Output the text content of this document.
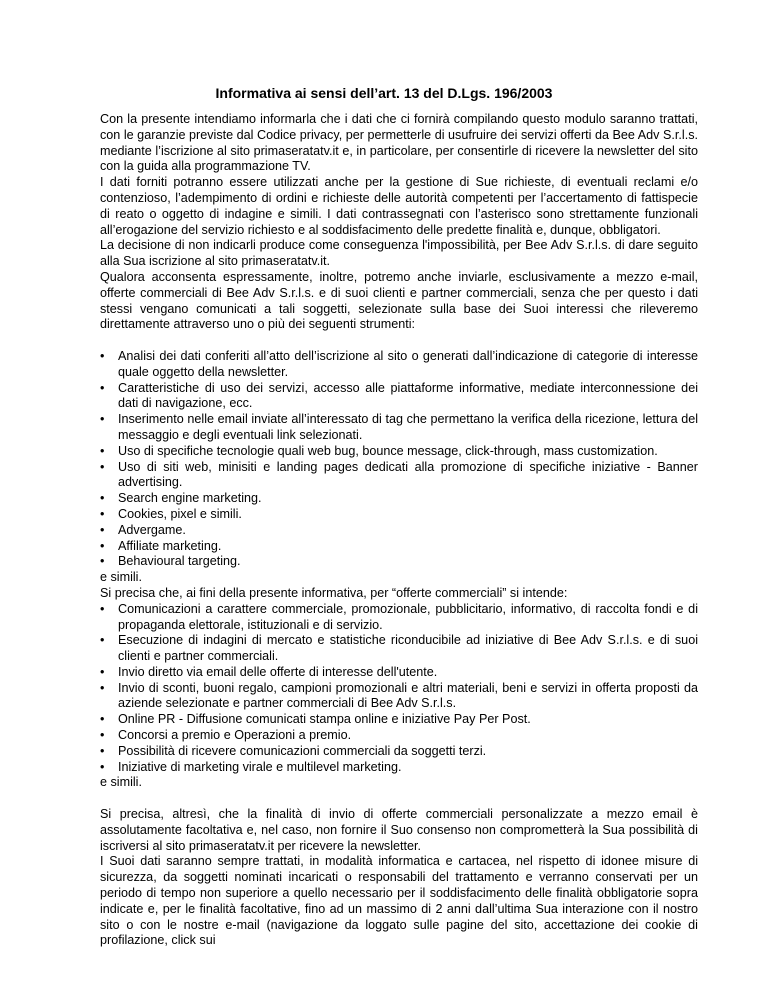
Informativa ai sensi dell’art. 13 del D.Lgs. 196/2003

Con la presente intendiamo informarla che i dati che ci fornirà compilando questo modulo saranno trattati, con le garanzie previste dal Codice privacy, per permetterle di usufruire dei servizi offerti da Bee Adv S.r.l.s. mediante l’iscrizione al sito primaseratatv.it e, in particolare, per consentirle di ricevere la newsletter del sito con la guida alla programmazione TV.

I dati forniti potranno essere utilizzati anche per la gestione di Sue richieste, di eventuali reclami e/o contenzioso, l’adempimento di ordini e richieste delle autorità competenti per l’accertamento di fattispecie di reato o oggetto di indagine e simili. I dati contrassegnati con l’asterisco sono strettamente funzionali all’erogazione del servizio richiesto e al soddisfacimento delle predette finalità e, dunque, obbligatori.

La decisione di non indicarli produce come conseguenza l'impossibilità, per Bee Adv S.r.l.s. di dare seguito alla Sua iscrizione al sito primaseratatv.it.

Qualora acconsenta espressamente, inoltre, potremo anche inviarle, esclusivamente a mezzo e-mail, offerte commerciali di Bee Adv S.r.l.s. e di suoi clienti e partner commerciali, senza che per questo i dati stessi vengano comunicati a tali soggetti, selezionate sulla base dei Suoi interessi che rileveremo direttamente attraverso uno o più dei seguenti strumenti:

•	Analisi dei dati conferiti all’atto dell’iscrizione al sito o generati dall’indicazione di categorie di interesse quale oggetto della newsletter.
•	Caratteristiche di uso dei servizi, accesso alle piattaforme informative, mediate interconnessione dei dati di navigazione, ecc.
•	Inserimento nelle email inviate all’interessato di tag che permettano la verifica della ricezione, lettura del messaggio e degli eventuali link selezionati.
•	Uso di specifiche tecnologie quali web bug, bounce message, click-through, mass customization.
•	Uso di siti web, minisiti e landing pages dedicati alla promozione di specifiche iniziative - Banner advertising.
•	Search engine marketing.
•	Cookies, pixel e simili.
•	Advergame.
•	Affiliate marketing.
•	Behavioural targeting.

e simili.

Si precisa che, ai fini della presente informativa, per “offerte commerciali” si intende:

•	Comunicazioni a carattere commerciale, promozionale, pubblicitario, informativo, di raccolta fondi e di propaganda elettorale, istituzionali e di servizio.
•	Esecuzione di indagini di mercato e statistiche riconducibile ad iniziative di Bee Adv S.r.l.s. e di suoi clienti e partner commerciali.
•	Invio diretto via email delle offerte di interesse dell'utente.
•	Invio di sconti, buoni regalo, campioni promozionali e altri materiali, beni e servizi in offerta proposti da aziende selezionate e partner commerciali di Bee Adv S.r.l.s.
•	Online PR - Diffusione comunicati stampa online e iniziative Pay Per Post.
•	Concorsi a premio e Operazioni a premio.
•	Possibilità di ricevere comunicazioni commerciali da soggetti terzi.
•	Iniziative di marketing virale e multilevel marketing.

e simili.

Si precisa, altresì, che la finalità di invio di offerte commerciali personalizzate a mezzo email è assolutamente facoltativa e, nel caso, non fornire il Suo consenso non comprometterà la Sua possibilità di iscriversi al sito primaseratatv.it per ricevere la newsletter.

I Suoi dati saranno sempre trattati, in modalità informatica e cartacea, nel rispetto di idonee misure di sicurezza, da soggetti nominati incaricati o responsabili del trattamento e verranno conservati per un periodo di tempo non superiore a quello necessario per il soddisfacimento delle finalità obbligatorie sopra indicate e, per le finalità facoltative, fino ad un massimo di 2 anni dall’ultima Sua interazione con il nostro sito o con le nostre e-mail (navigazione da loggato sulle pagine del sito, accettazione dei cookie di profilazione, click sui
